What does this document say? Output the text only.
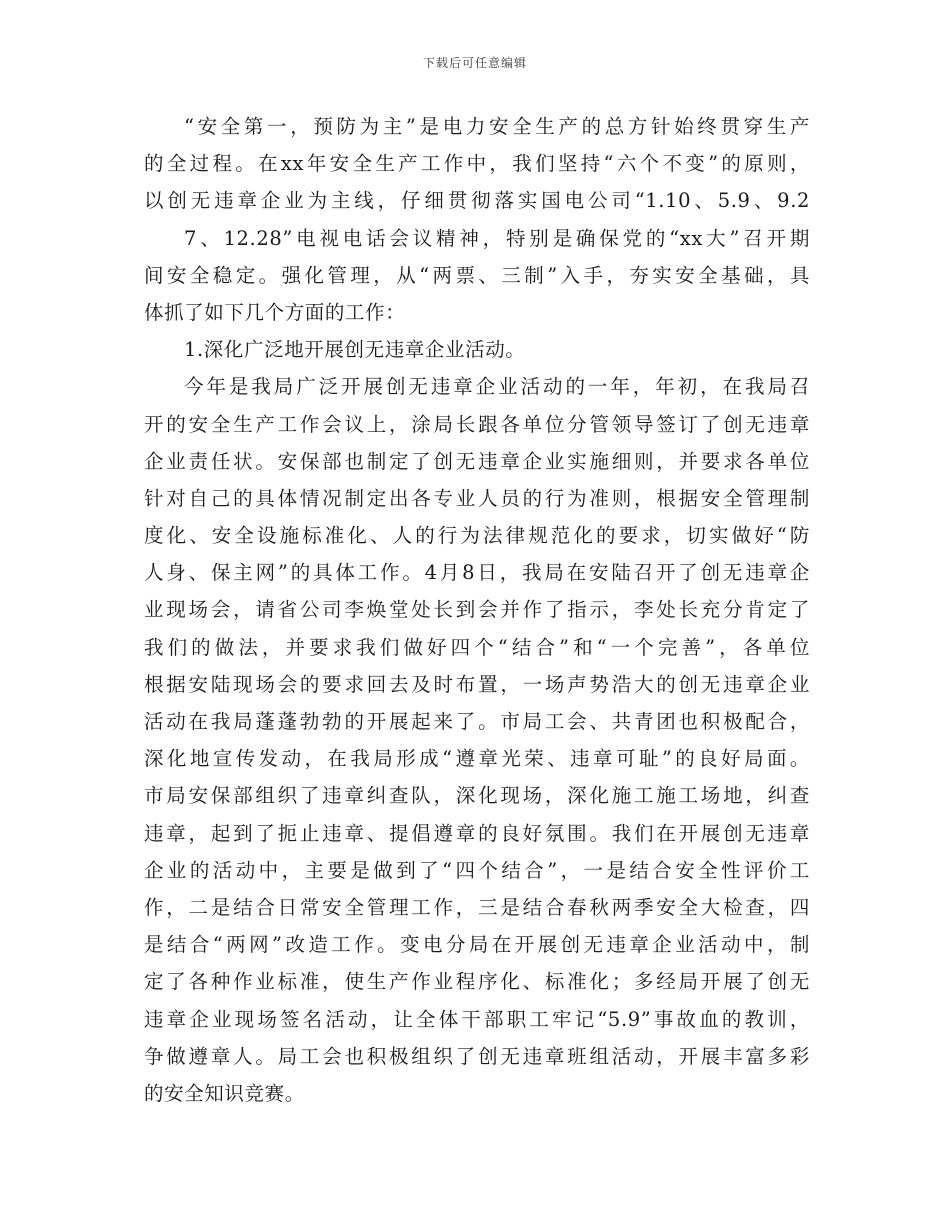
下载后可任意编辑
“安全第一，预防为主”是电力安全生产的总方针始终贯穿生产
的全过程。在xx年安全生产工作中，我们坚持“六个不变”的原则，
以创无违章企业为主线，仔细贯彻落实国电公司“1.10、5.9、9.2
7、12.28”电视电话会议精神，特别是确保党的“xx大”召开期
间安全稳定。强化管理，从“两票、三制”入手，夯实安全基础，具
体抓了如下几个方面的工作：
1.深化广泛地开展创无违章企业活动。
今年是我局广泛开展创无违章企业活动的一年，年初，在我局召
开的安全生产工作会议上，涂局长跟各单位分管领导签订了创无违章
企业责任状。安保部也制定了创无违章企业实施细则，并要求各单位
针对自己的具体情况制定出各专业人员的行为准则，根据安全管理制
度化、安全设施标准化、人的行为法律规范化的要求，切实做好“防
人身、保主网”的具体工作。4月8日，我局在安陆召开了创无违章企
业现场会，请省公司李焕堂处长到会并作了指示，李处长充分肯定了
我们的做法，并要求我们做好四个“结合”和“一个完善”，各单位
根据安陆现场会的要求回去及时布置，一场声势浩大的创无违章企业
活动在我局蓬蓬勃勃的开展起来了。市局工会、共青团也积极配合，
深化地宣传发动，在我局形成“遵章光荣、违章可耻”的良好局面。
市局安保部组织了违章纠查队，深化现场，深化施工施工场地，纠查
违章，起到了扼止违章、提倡遵章的良好氛围。我们在开展创无违章
企业的活动中，主要是做到了“四个结合”，一是结合安全性评价工
作，二是结合日常安全管理工作，三是结合春秋两季安全大检查，四
是结合“两网”改造工作。变电分局在开展创无违章企业活动中，制
定了各种作业标准，使生产作业程序化、标准化；多经局开展了创无
违章企业现场签名活动，让全体干部职工牢记“5.9”事故血的教训，
争做遵章人。局工会也积极组织了创无违章班组活动，开展丰富多彩
的安全知识竞赛。
